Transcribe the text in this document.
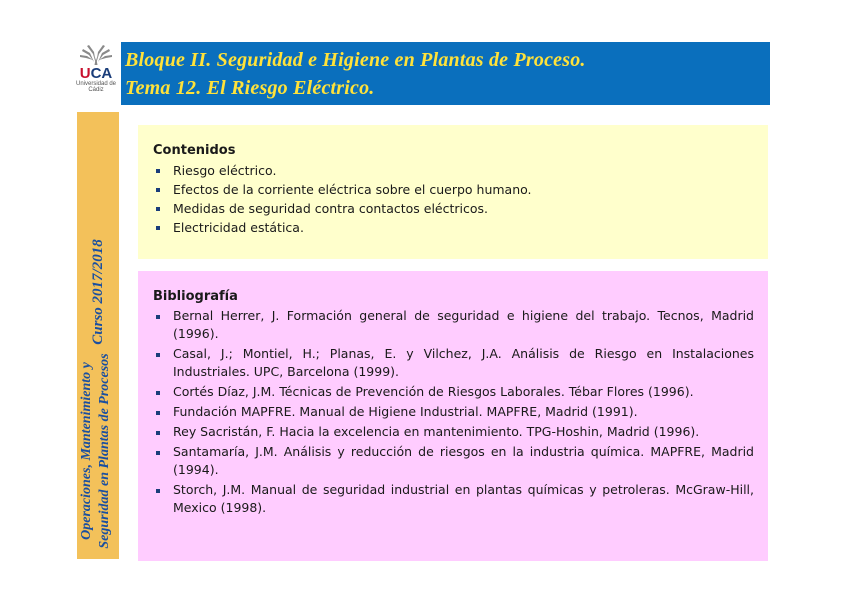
UCA
Universidad de Cádiz
Bloque II. Seguridad e Higiene en Plantas de Proceso.
Tema 12. El Riesgo Eléctrico.
Curso 2017/2018
Operaciones, Mantenimiento y Seguridad en Plantas de Procesos
Contenidos
Riesgo eléctrico.
Efectos de la corriente eléctrica sobre el cuerpo humano.
Medidas de seguridad contra contactos eléctricos.
Electricidad estática.
Bibliografía
Bernal Herrer, J. Formación general de seguridad e higiene del trabajo. Tecnos, Madrid (1996).
Casal, J.; Montiel, H.; Planas, E. y Vilchez, J.A. Análisis de Riesgo en Instalaciones Industriales. UPC, Barcelona (1999).
Cortés Díaz, J.M. Técnicas de Prevención de Riesgos Laborales. Tébar Flores (1996).
Fundación MAPFRE. Manual de Higiene Industrial. MAPFRE, Madrid (1991).
Rey Sacristán, F. Hacia la excelencia en mantenimiento. TPG-Hoshin, Madrid (1996).
Santamaría, J.M. Análisis y reducción de riesgos en la industria química. MAPFRE, Madrid (1994).
Storch, J.M. Manual de seguridad industrial en plantas químicas y petroleras. McGraw-Hill, Mexico (1998).
